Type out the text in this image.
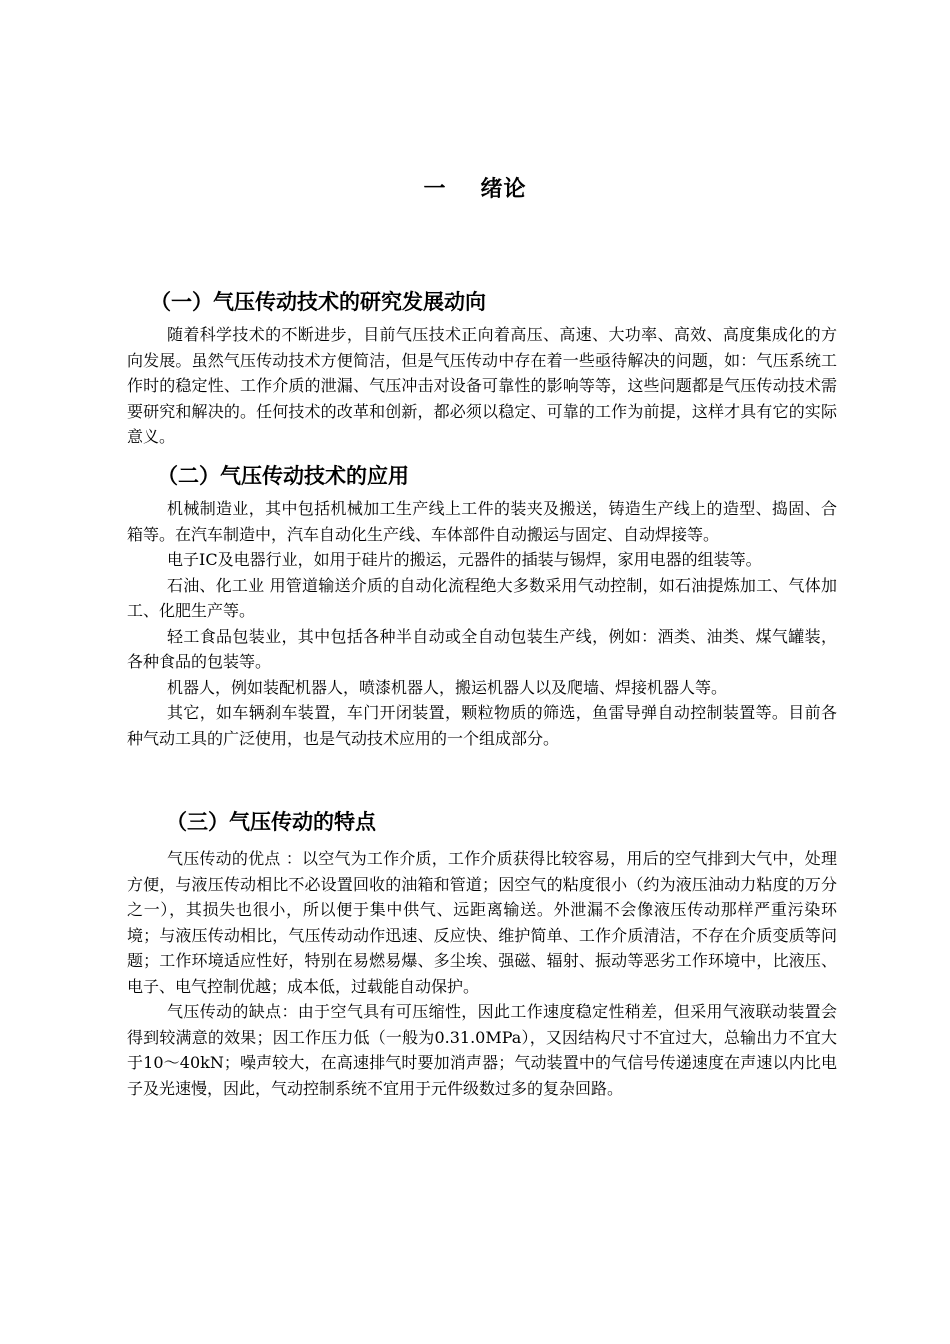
一 绪论
（一）气压传动技术的研究发展动向

随着科学技术的不断进步，目前气压技术正向着高压、高速、大功率、高效、高度集成化的方向发展。虽然气压传动技术方便简洁，但是气压传动中存在着一些亟待解决的问题，如：气压系统工作时的稳定性、工作介质的泄漏、气压冲击对设备可靠性的影响等等，这些问题都是气压传动技术需要研究和解决的。任何技术的改革和创新，都必须以稳定、可靠的工作为前提，这样才具有它的实际意义。

（二）气压传动技术的应用

机械制造业，其中包括机械加工生产线上工件的装夹及搬送，铸造生产线上的造型、捣固、合箱等。在汽车制造中，汽车自动化生产线、车体部件自动搬运与固定、自动焊接等。

电子IC及电器行业，如用于硅片的搬运，元器件的插装与锡焊，家用电器的组装等。

石油、化工业 用管道输送介质的自动化流程绝大多数采用气动控制，如石油提炼加工、气体加工、化肥生产等。

轻工食品包装业，其中包括各种半自动或全自动包装生产线，例如：酒类、油类、煤气罐装，各种食品的包装等。

机器人，例如装配机器人，喷漆机器人，搬运机器人以及爬墙、焊接机器人等。

其它，如车辆刹车装置，车门开闭装置，颗粒物质的筛选，鱼雷导弹自动控制装置等。目前各种气动工具的广泛使用，也是气动技术应用的一个组成部分。

（三）气压传动的特点

气压传动的优点 ：以空气为工作介质，工作介质获得比较容易，用后的空气排到大气中，处理方便，与液压传动相比不必设置回收的油箱和管道；因空气的粘度很小（约为液压油动力粘度的万分之一），其损失也很小，所以便于集中供气、远距离输送。外泄漏不会像液压传动那样严重污染环境；与液压传动相比，气压传动动作迅速、反应快、维护简单、工作介质清洁，不存在介质变质等问题；工作环境适应性好，特别在易燃易爆、多尘埃、强磁、辐射、振动等恶劣工作环境中，比液压、电子、电气控制优越；成本低，过载能自动保护。

气压传动的缺点：由于空气具有可压缩性，因此工作速度稳定性稍差，但采用气液联动装置会得到较满意的效果；因工作压力低（一般为0.31.0MPa），又因结构尺寸不宜过大，总输出力不宜大于10～40kN；噪声较大，在高速排气时要加消声器；气动装置中的气信号传递速度在声速以内比电子及光速慢，因此，气动控制系统不宜用于元件级数过多的复杂回路。
